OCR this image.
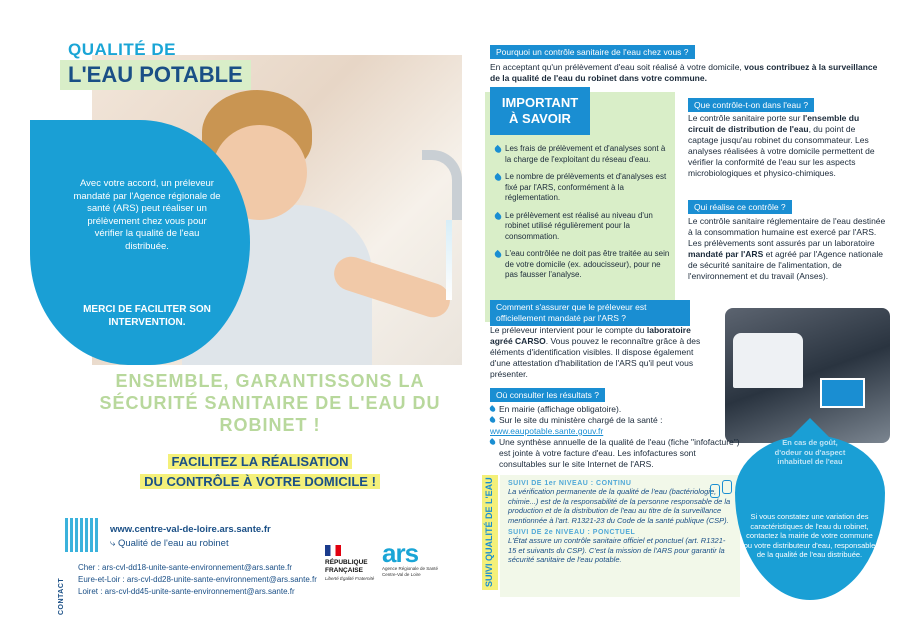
QUALITÉ DE
L'EAU POTABLE
Avec votre accord, un préleveur mandaté par l'Agence régionale de santé (ARS) peut réaliser un prélèvement chez vous pour vérifier la qualité de l'eau distribuée.
MERCI DE FACILITER SON INTERVENTION.
ENSEMBLE, GARANTISSONS LA SÉCURITÉ SANITAIRE DE L'EAU DU ROBINET !
FACILITEZ LA RÉALISATION
DU CONTRÔLE À VOTRE DOMICILE !
www.centre-val-de-loire.ars.sante.fr
⤷ Qualité de l'eau au robinet
CONTACT
Cher : ars-cvl-dd18-unite-sante-environnement@ars.sante.fr
Eure-et-Loir : ars-cvl-dd28-unite-sante-environnement@ars.sante.fr
Loiret : ars-cvl-dd45-unite-sante-environnement@ars.sante.fr
RÉPUBLIQUE
FRANÇAISE
Liberté Égalité Fraternité
ars
Agence Régionale de Santé Centre-Val de Loire
Pourquoi un contrôle sanitaire de l'eau chez vous ?
En acceptant qu'un prélèvement d'eau soit réalisé à votre domicile, vous contribuez à la surveillance de la qualité de l'eau du robinet dans votre commune.
IMPORTANT
À SAVOIR
Les frais de prélèvement et d'analyses sont à la charge de l'exploitant du réseau d'eau.
Le nombre de prélèvements et d'analyses est fixé par l'ARS, conformément à la réglementation.
Le prélèvement est réalisé au niveau d'un robinet utilisé régulièrement pour la consommation.
L'eau contrôlée ne doit pas être traitée au sein de votre domicile (ex. adoucisseur), pour ne pas fausser l'analyse.
Que contrôle-t-on dans l'eau ?
Le contrôle sanitaire porte sur l'ensemble du circuit de distribution de l'eau, du point de captage jusqu'au robinet du consommateur. Les analyses réalisées à votre domicile permettent de vérifier la conformité de l'eau sur les aspects microbiologiques et physico-chimiques.
Qui réalise ce contrôle ?
Le contrôle sanitaire réglementaire de l'eau destinée à la consommation humaine est exercé par l'ARS. Les prélèvements sont assurés par un laboratoire mandaté par l'ARS et agréé par l'Agence nationale de sécurité sanitaire de l'alimentation, de l'environnement et du travail (Anses).
Comment s'assurer que le préleveur est officiellement mandaté par l'ARS ?
Le préleveur intervient pour le compte du laboratoire agréé CARSO. Vous pouvez le reconnaître grâce à des éléments d'identification visibles. Il dispose également d'une attestation d'habilitation de l'ARS qu'il peut vous présenter.
Où consulter les résultats ?
En mairie (affichage obligatoire).
Sur le site du ministère chargé de la santé :
www.eaupotable.sante.gouv.fr
Une synthèse annuelle de la qualité de l'eau (fiche "infofacture") est jointe à votre facture d'eau. Les infofactures sont consultables sur le site Internet de l'ARS.
SUIVI QUALITÉ DE L'EAU SUIVI DE 1er NIVEAU : CONTINU
La vérification permanente de la qualité de l'eau (bactériologie, chimie...) est de la responsabilité de la personne responsable de la production et de la distribution de l'eau au titre de la surveillance mentionnée à l'art. R1321-23 du Code de la santé publique (CSP).
SUIVI DE 2e NIVEAU : PONCTUEL
L'État assure un contrôle sanitaire officiel et ponctuel (art. R1321-15 et suivants du CSP). C'est la mission de l'ARS pour garantir la sécurité sanitaire de l'eau potable.
En cas de goût, d'odeur ou d'aspect inhabituel de l'eau
Si vous constatez une variation des caractéristiques de l'eau du robinet, contactez la mairie de votre commune ou votre distributeur d'eau, responsable de la qualité de l'eau distribuée.
